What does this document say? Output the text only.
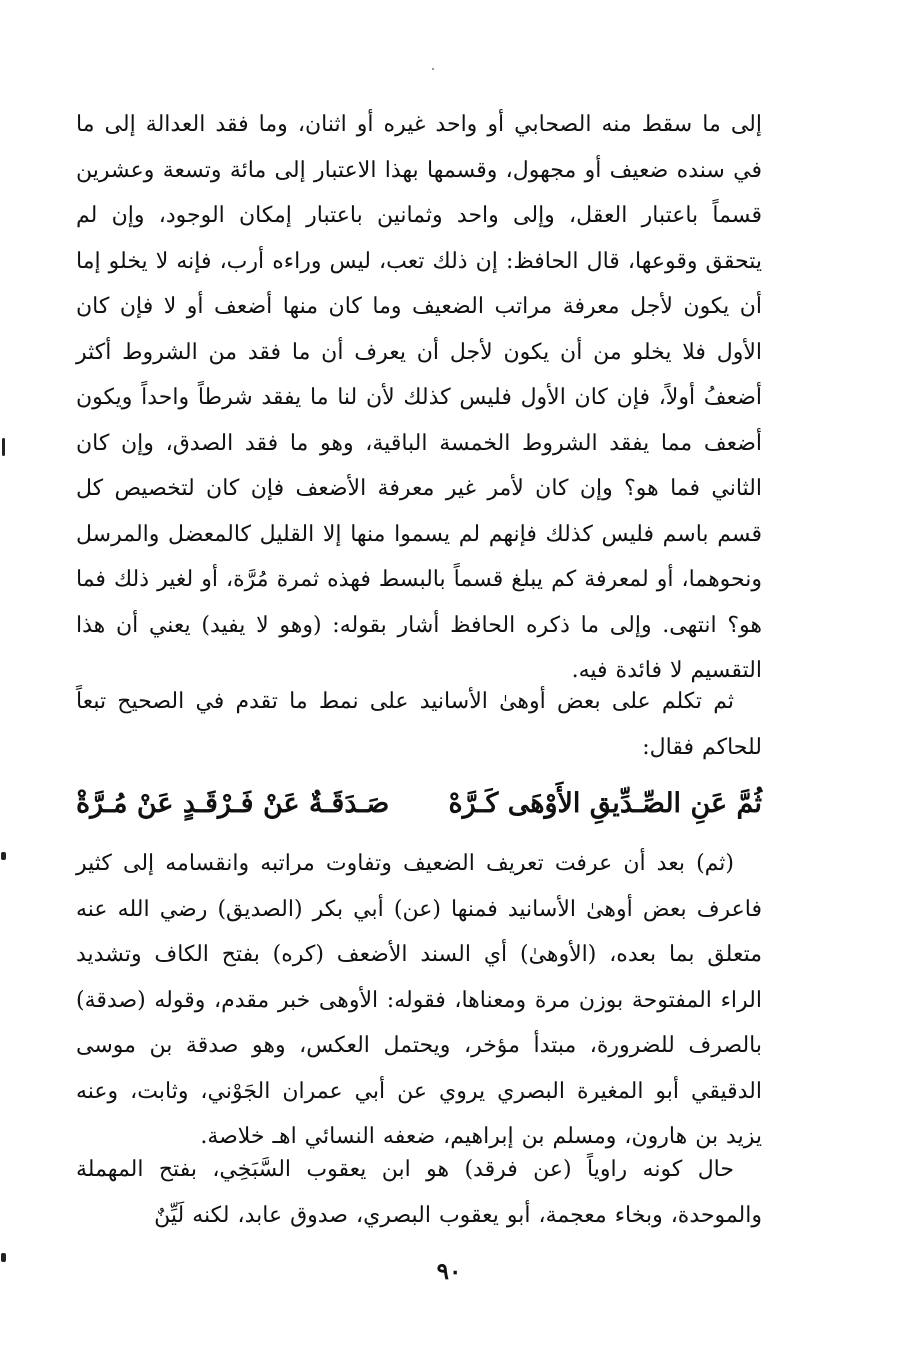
إلى ما سقط منه الصحابي أو واحد غيره أو اثنان، وما فقد العدالة إلى ما في سنده ضعيف أو مجهول، وقسمها بهذا الاعتبار إلى مائة وتسعة وعشرين قسماً باعتبار العقل، وإلى واحد وثمانين باعتبار إمكان الوجود، وإن لم يتحقق وقوعها، قال الحافظ: إن ذلك تعب، ليس وراءه أرب، فإنه لا يخلو إما أن يكون لأجل معرفة مراتب الضعيف وما كان منها أضعف أو لا فإن كان الأول فلا يخلو من أن يكون لأجل أن يعرف أن ما فقد من الشروط أكثر أضعفُ أولاً، فإن كان الأول فليس كذلك لأن لنا ما يفقد شرطاً واحداً ويكون أضعف مما يفقد الشروط الخمسة الباقية، وهو ما فقد الصدق، وإن كان الثاني فما هو؟ وإن كان لأمر غير معرفة الأضعف فإن كان لتخصيص كل قسم باسم فليس كذلك فإنهم لم يسموا منها إلا القليل كالمعضل والمرسل ونحوهما، أو لمعرفة كم يبلغ قسماً بالبسط فهذه ثمرة مُرَّة، أو لغير ذلك فما هو؟ انتهى. وإلى ما ذكره الحافظ أشار بقوله: (وهو لا يفيد) يعني أن هذا التقسيم لا فائدة فيه.

ثم تكلم على بعض أوهىٰ الأسانيد على نمط ما تقدم في الصحيح تبعاً للحاكم فقال:

ثُمَّ عَنِ الصِّـدِّيقِ الأَوْهَى كَـرَّهْ
صَـدَقَـةٌ عَنْ فَـرْقَـدٍ عَنْ مُـرَّةْ

(ثم) بعد أن عرفت تعريف الضعيف وتفاوت مراتبه وانقسامه إلى كثير فاعرف بعض أوهىٰ الأسانيد فمنها (عن) أبي بكر (الصديق) رضي الله عنه متعلق بما بعده، (الأوهىٰ) أي السند الأضعف (كره) بفتح الكاف وتشديد الراء المفتوحة بوزن مرة ومعناها، فقوله: الأوهى خبر مقدم، وقوله (صدقة) بالصرف للضرورة، مبتدأ مؤخر، ويحتمل العكس، وهو صدقة بن موسى الدقيقي أبو المغيرة البصري يروي عن أبي عمران الجَوْني، وثابت، وعنه يزيد بن هارون، ومسلم بن إبراهيم، ضعفه النسائي اهـ خلاصة.

حال كونه راوياً (عن فرقد) هو ابن يعقوب السَّبَخِي، بفتح المهملة والموحدة، وبخاء معجمة، أبو يعقوب البصري، صدوق عابد، لكنه لَيِّنٌ

٩٠
